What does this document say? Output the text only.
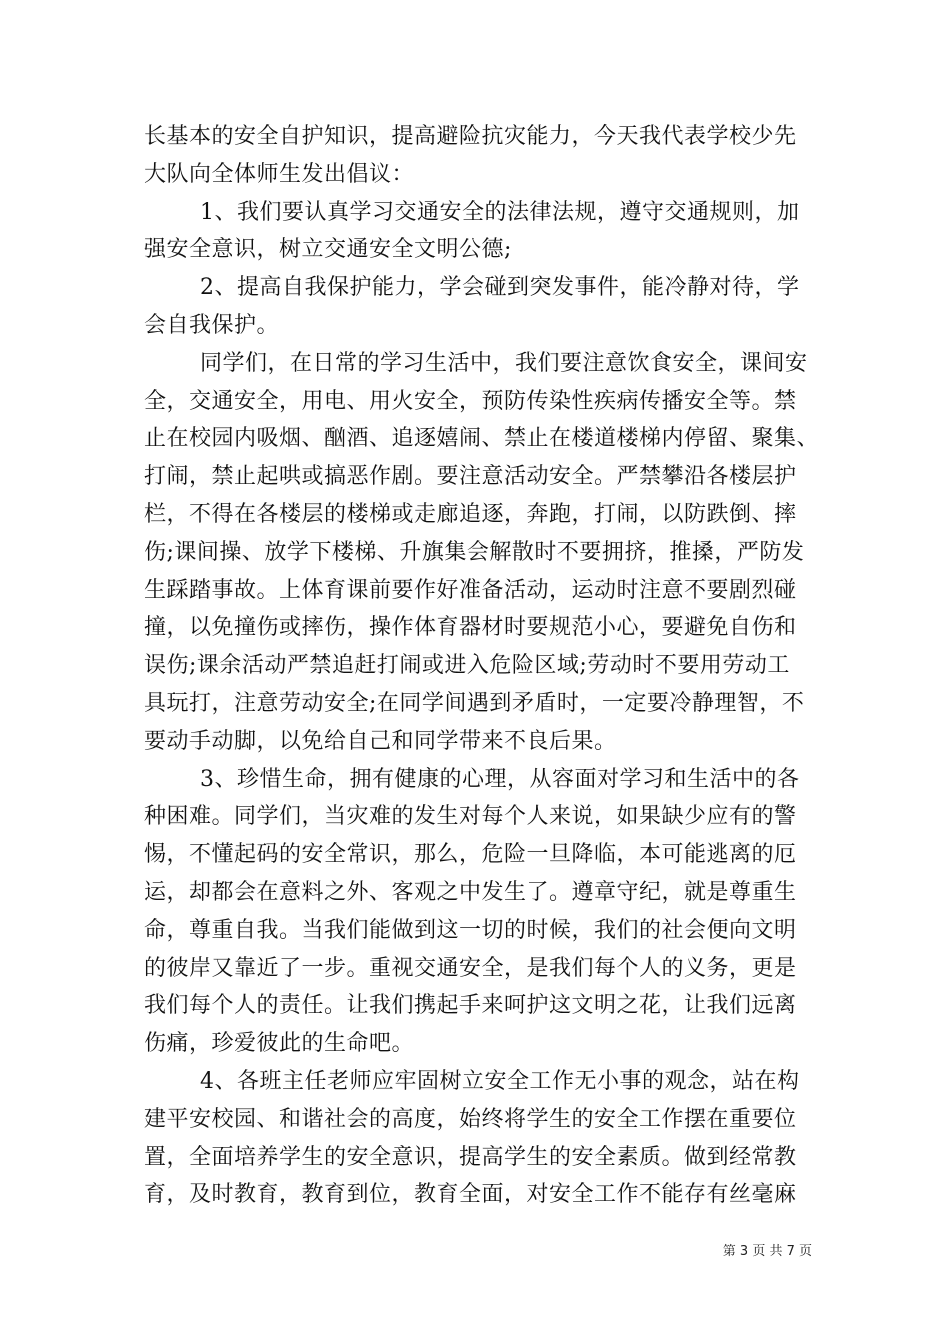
长基本的安全自护知识，提高避险抗灾能力，今天我代表学校少先
大队向全体师生发出倡议：
1、我们要认真学习交通安全的法律法规，遵守交通规则，加
强安全意识，树立交通安全文明公德;
2、提高自我保护能力，学会碰到突发事件，能冷静对待，学
会自我保护。
同学们，在日常的学习生活中，我们要注意饮食安全，课间安
全，交通安全，用电、用火安全，预防传染性疾病传播安全等。禁
止在校园内吸烟、酗酒、追逐嬉闹、禁止在楼道楼梯内停留、聚集、
打闹，禁止起哄或搞恶作剧。要注意活动安全。严禁攀沿各楼层护
栏，不得在各楼层的楼梯或走廊追逐，奔跑，打闹，以防跌倒、摔
伤;课间操、放学下楼梯、升旗集会解散时不要拥挤，推搡，严防发
生踩踏事故。上体育课前要作好准备活动，运动时注意不要剧烈碰
撞，以免撞伤或摔伤，操作体育器材时要规范小心，要避免自伤和
误伤;课余活动严禁追赶打闹或进入危险区域;劳动时不要用劳动工
具玩打，注意劳动安全;在同学间遇到矛盾时，一定要冷静理智，不
要动手动脚，以免给自己和同学带来不良后果。
3、珍惜生命，拥有健康的心理，从容面对学习和生活中的各
种困难。同学们，当灾难的发生对每个人来说，如果缺少应有的警
惕，不懂起码的安全常识，那么，危险一旦降临，本可能逃离的厄
运，却都会在意料之外、客观之中发生了。遵章守纪，就是尊重生
命，尊重自我。当我们能做到这一切的时候，我们的社会便向文明
的彼岸又靠近了一步。重视交通安全，是我们每个人的义务，更是
我们每个人的责任。让我们携起手来呵护这文明之花，让我们远离
伤痛，珍爱彼此的生命吧。
4、各班主任老师应牢固树立安全工作无小事的观念，站在构
建平安校园、和谐社会的高度，始终将学生的安全工作摆在重要位
置，全面培养学生的安全意识，提高学生的安全素质。做到经常教
育，及时教育，教育到位，教育全面，对安全工作不能存有丝毫麻
第 3 页 共 7 页
